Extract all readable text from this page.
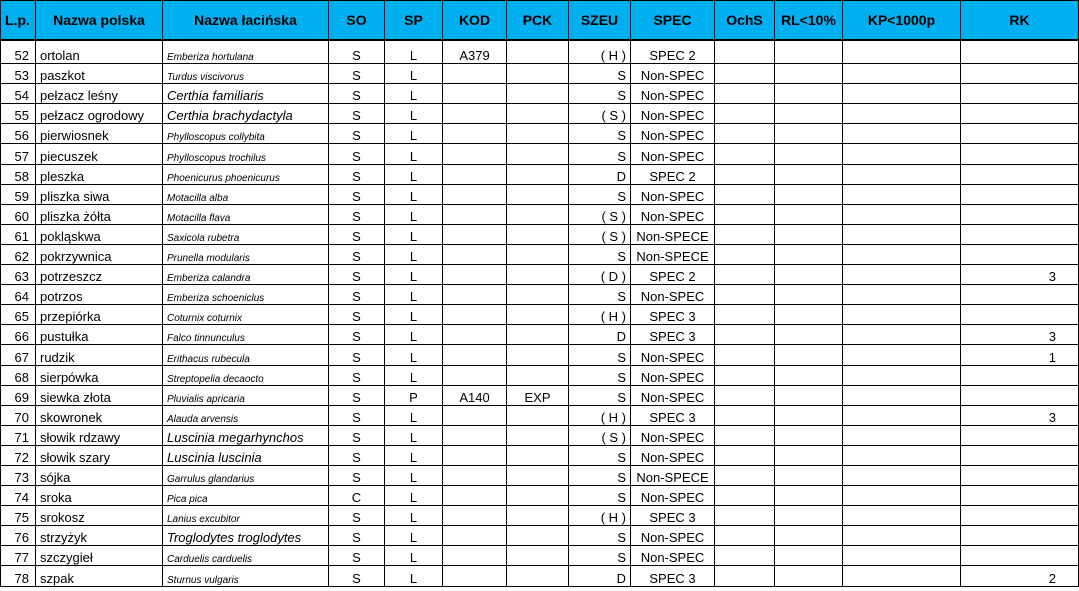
L.p.	Nazwa polska	Nazwa łacińska	SO	SP	KOD	PCK	SZEU	SPEC	OchS	RL<10%	KP<1000p	RK
52	ortolan	Emberiza hortulana	S	L	A379		( H )	SPEC 2				
53	paszkot	Turdus viscivorus	S	L			S	Non-SPEC				
54	pełzacz leśny	Certhia familiaris	S	L			S	Non-SPEC				
55	pełzacz ogrodowy	Certhia brachydactyla	S	L			( S )	Non-SPEC				
56	pierwiosnek	Phylloscopus collybita	S	L			S	Non-SPEC				
57	piecuszek	Phylloscopus trochilus	S	L			S	Non-SPEC				
58	pleszka	Phoenicurus phoenicurus	S	L			D	SPEC 2				
59	pliszka siwa	Motacilla alba	S	L			S	Non-SPEC				
60	pliszka żółta	Motacilla flava	S	L			( S )	Non-SPEC				
61	pokląskwa	Saxicola rubetra	S	L			( S )	Non-SPECE				
62	pokrzywnica	Prunella modularis	S	L			S	Non-SPECE				
63	potrzeszcz	Emberiza calandra	S	L			( D )	SPEC 2				3
64	potrzos	Emberiza schoeniclus	S	L			S	Non-SPEC				
65	przepiórka	Coturnix coturnix	S	L			( H )	SPEC 3				
66	pustułka	Falco tinnunculus	S	L			D	SPEC 3				3
67	rudzik	Erithacus rubecula	S	L			S	Non-SPEC				1
68	sierpówka	Streptopelia decaocto	S	L			S	Non-SPEC				
69	siewka złota	Pluvialis apricaria	S	P	A140	EXP	S	Non-SPEC				
70	skowronek	Alauda arvensis	S	L			( H )	SPEC 3				3
71	słowik rdzawy	Luscinia megarhynchos	S	L			( S )	Non-SPEC				
72	słowik szary	Luscinia luscinia	S	L			S	Non-SPEC				
73	sójka	Garrulus glandarius	S	L			S	Non-SPECE				
74	sroka	Pica pica	C	L			S	Non-SPEC				
75	srokosz	Lanius excubitor	S	L			( H )	SPEC 3				
76	strzyżyk	Troglodytes troglodytes	S	L			S	Non-SPEC				
77	szczygieł	Carduelis carduelis	S	L			S	Non-SPEC				
78	szpak	Sturnus vulgaris	S	L			D	SPEC 3				2
